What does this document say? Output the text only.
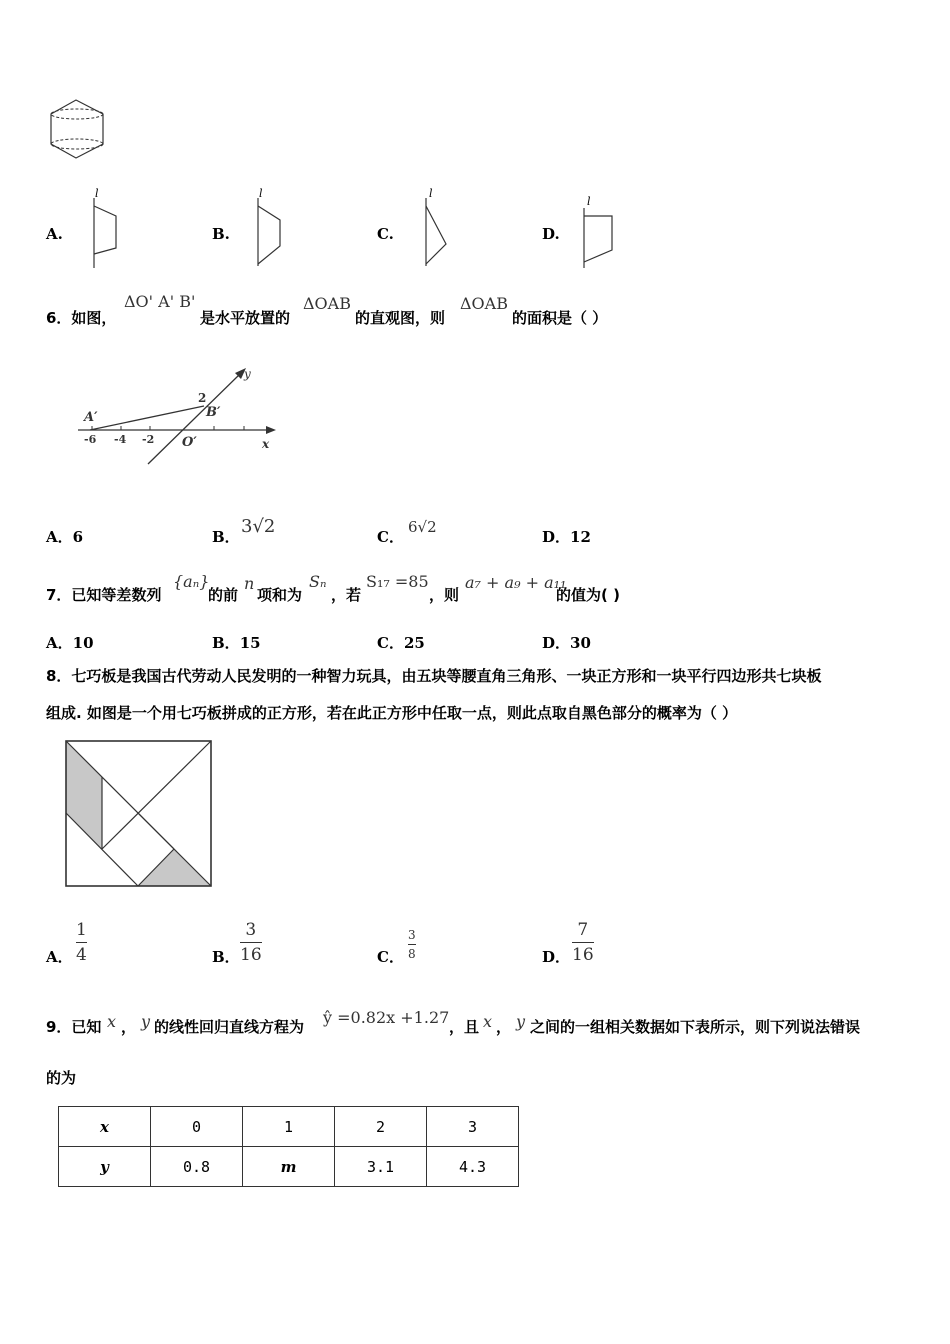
A.
l
B.
l
C.
l
D.
l
6．如图，
ΔO' A' B'
是水平放置的
ΔOAB
的直观图，则
ΔOAB
的面积是（ ）
x
-6 -4 -2
y
A′	B′
2
O′
A．6	B． 3√2	C．
6√2
D．12
7．已知等差数列
{aₙ}
的前
n
项和为
Sₙ
，若
S₁₇ =85
，则
a₇ + a₉ + a₁₁
的值为( )
A．10	B．15	C．25	D．30
8．七巧板是我国古代劳动人民发明的一种智力玩具，由五块等腰直角三角形、一块正方形和一块平行四边形共七块板
组成. 如图是一个用七巧板拼成的正方形，若在此正方形中任取一点，则此点取自黑色部分的概率为（ ）
A．
1
4	B．
3
16	C．
3
8	D．
7
16
9．已知 x ， y 的线性回归直线方程为 ŷ =0.82x +1.27 ，且 x ， y 之间的一组相关数据如下表所示，则下列说法错误
的为
x	0	1	2	3
y	0.8	m	3.1	4.3
